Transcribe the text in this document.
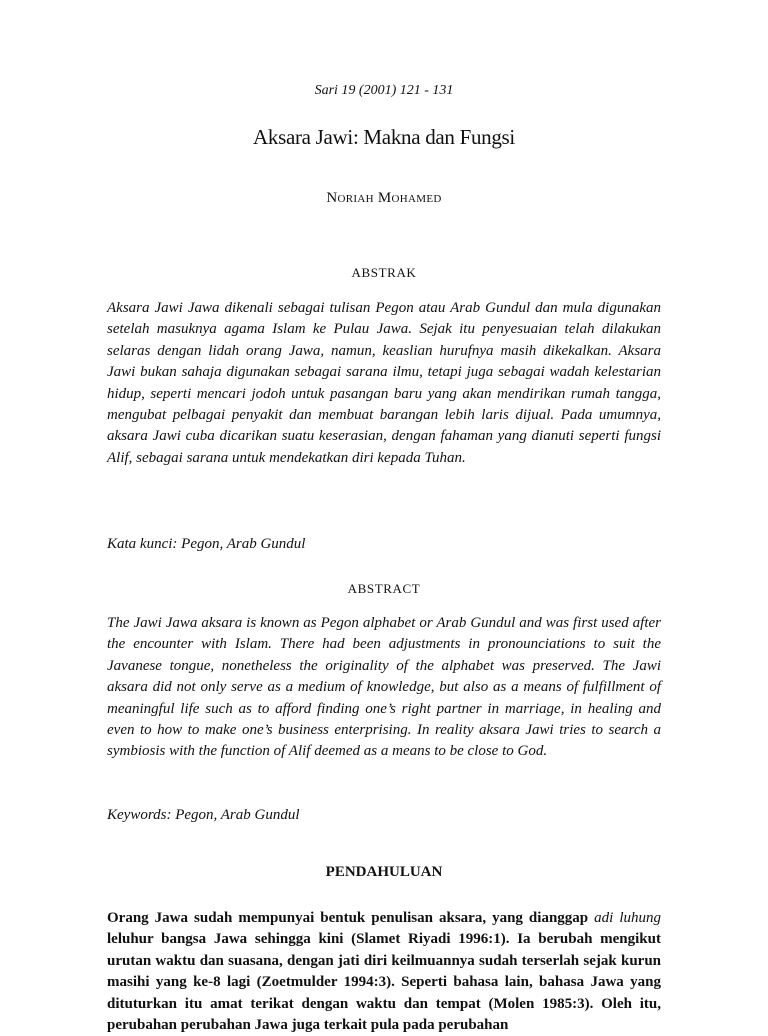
Sari 19 (2001) 121 - 131
Aksara Jawi: Makna dan Fungsi
Noriah Mohamed
ABSTRAK

Aksara Jawi Jawa dikenali sebagai tulisan Pegon atau Arab Gundul dan mula digunakan setelah masuknya agama Islam ke Pulau Jawa. Sejak itu penyesuaian telah dilakukan selaras dengan lidah orang Jawa, namun, keaslian hurufnya masih dikekalkan. Aksara Jawi bukan sahaja digunakan sebagai sarana ilmu, tetapi juga sebagai wadah kelestarian hidup, seperti mencari jodoh untuk pasangan baru yang akan mendirikan rumah tangga, mengubat pelbagai penyakit dan membuat barangan lebih laris dijual. Pada umumnya, aksara Jawi cuba dicarikan suatu keserasian, dengan fahaman yang dianuti seperti fungsi Alif, sebagai sarana untuk mendekatkan diri kepada Tuhan.

Kata kunci: Pegon, Arab Gundul

ABSTRACT

The Jawi Jawa aksara is known as Pegon alphabet or Arab Gundul and was first used after the encounter with Islam. There had been adjustments in pronounciations to suit the Javanese tongue, nonetheless the originality of the alphabet was preserved. The Jawi aksara did not only serve as a medium of knowledge, but also as a means of fulfillment of meaningful life such as to afford finding one’s right partner in marriage, in healing and even to how to make one’s business enterprising. In reality aksara Jawi tries to search a symbiosis with the function of Alif deemed as a means to be close to God.

Keywords: Pegon, Arab Gundul

PENDAHULUAN

Orang Jawa sudah mempunyai bentuk penulisan aksara, yang dianggap adi luhung leluhur bangsa Jawa sehingga kini (Slamet Riyadi 1996:1). Ia berubah mengikut urutan waktu dan suasana, dengan jati diri keilmuannya sudah terserlah sejak kurun masihi yang ke-8 lagi (Zoetmulder 1994:3). Seperti bahasa lain, bahasa Jawa yang dituturkan itu amat terikat dengan waktu dan tempat (Molen 1985:3). Oleh itu, perubahan perubahan Jawa juga terkait pula pada perubahan
